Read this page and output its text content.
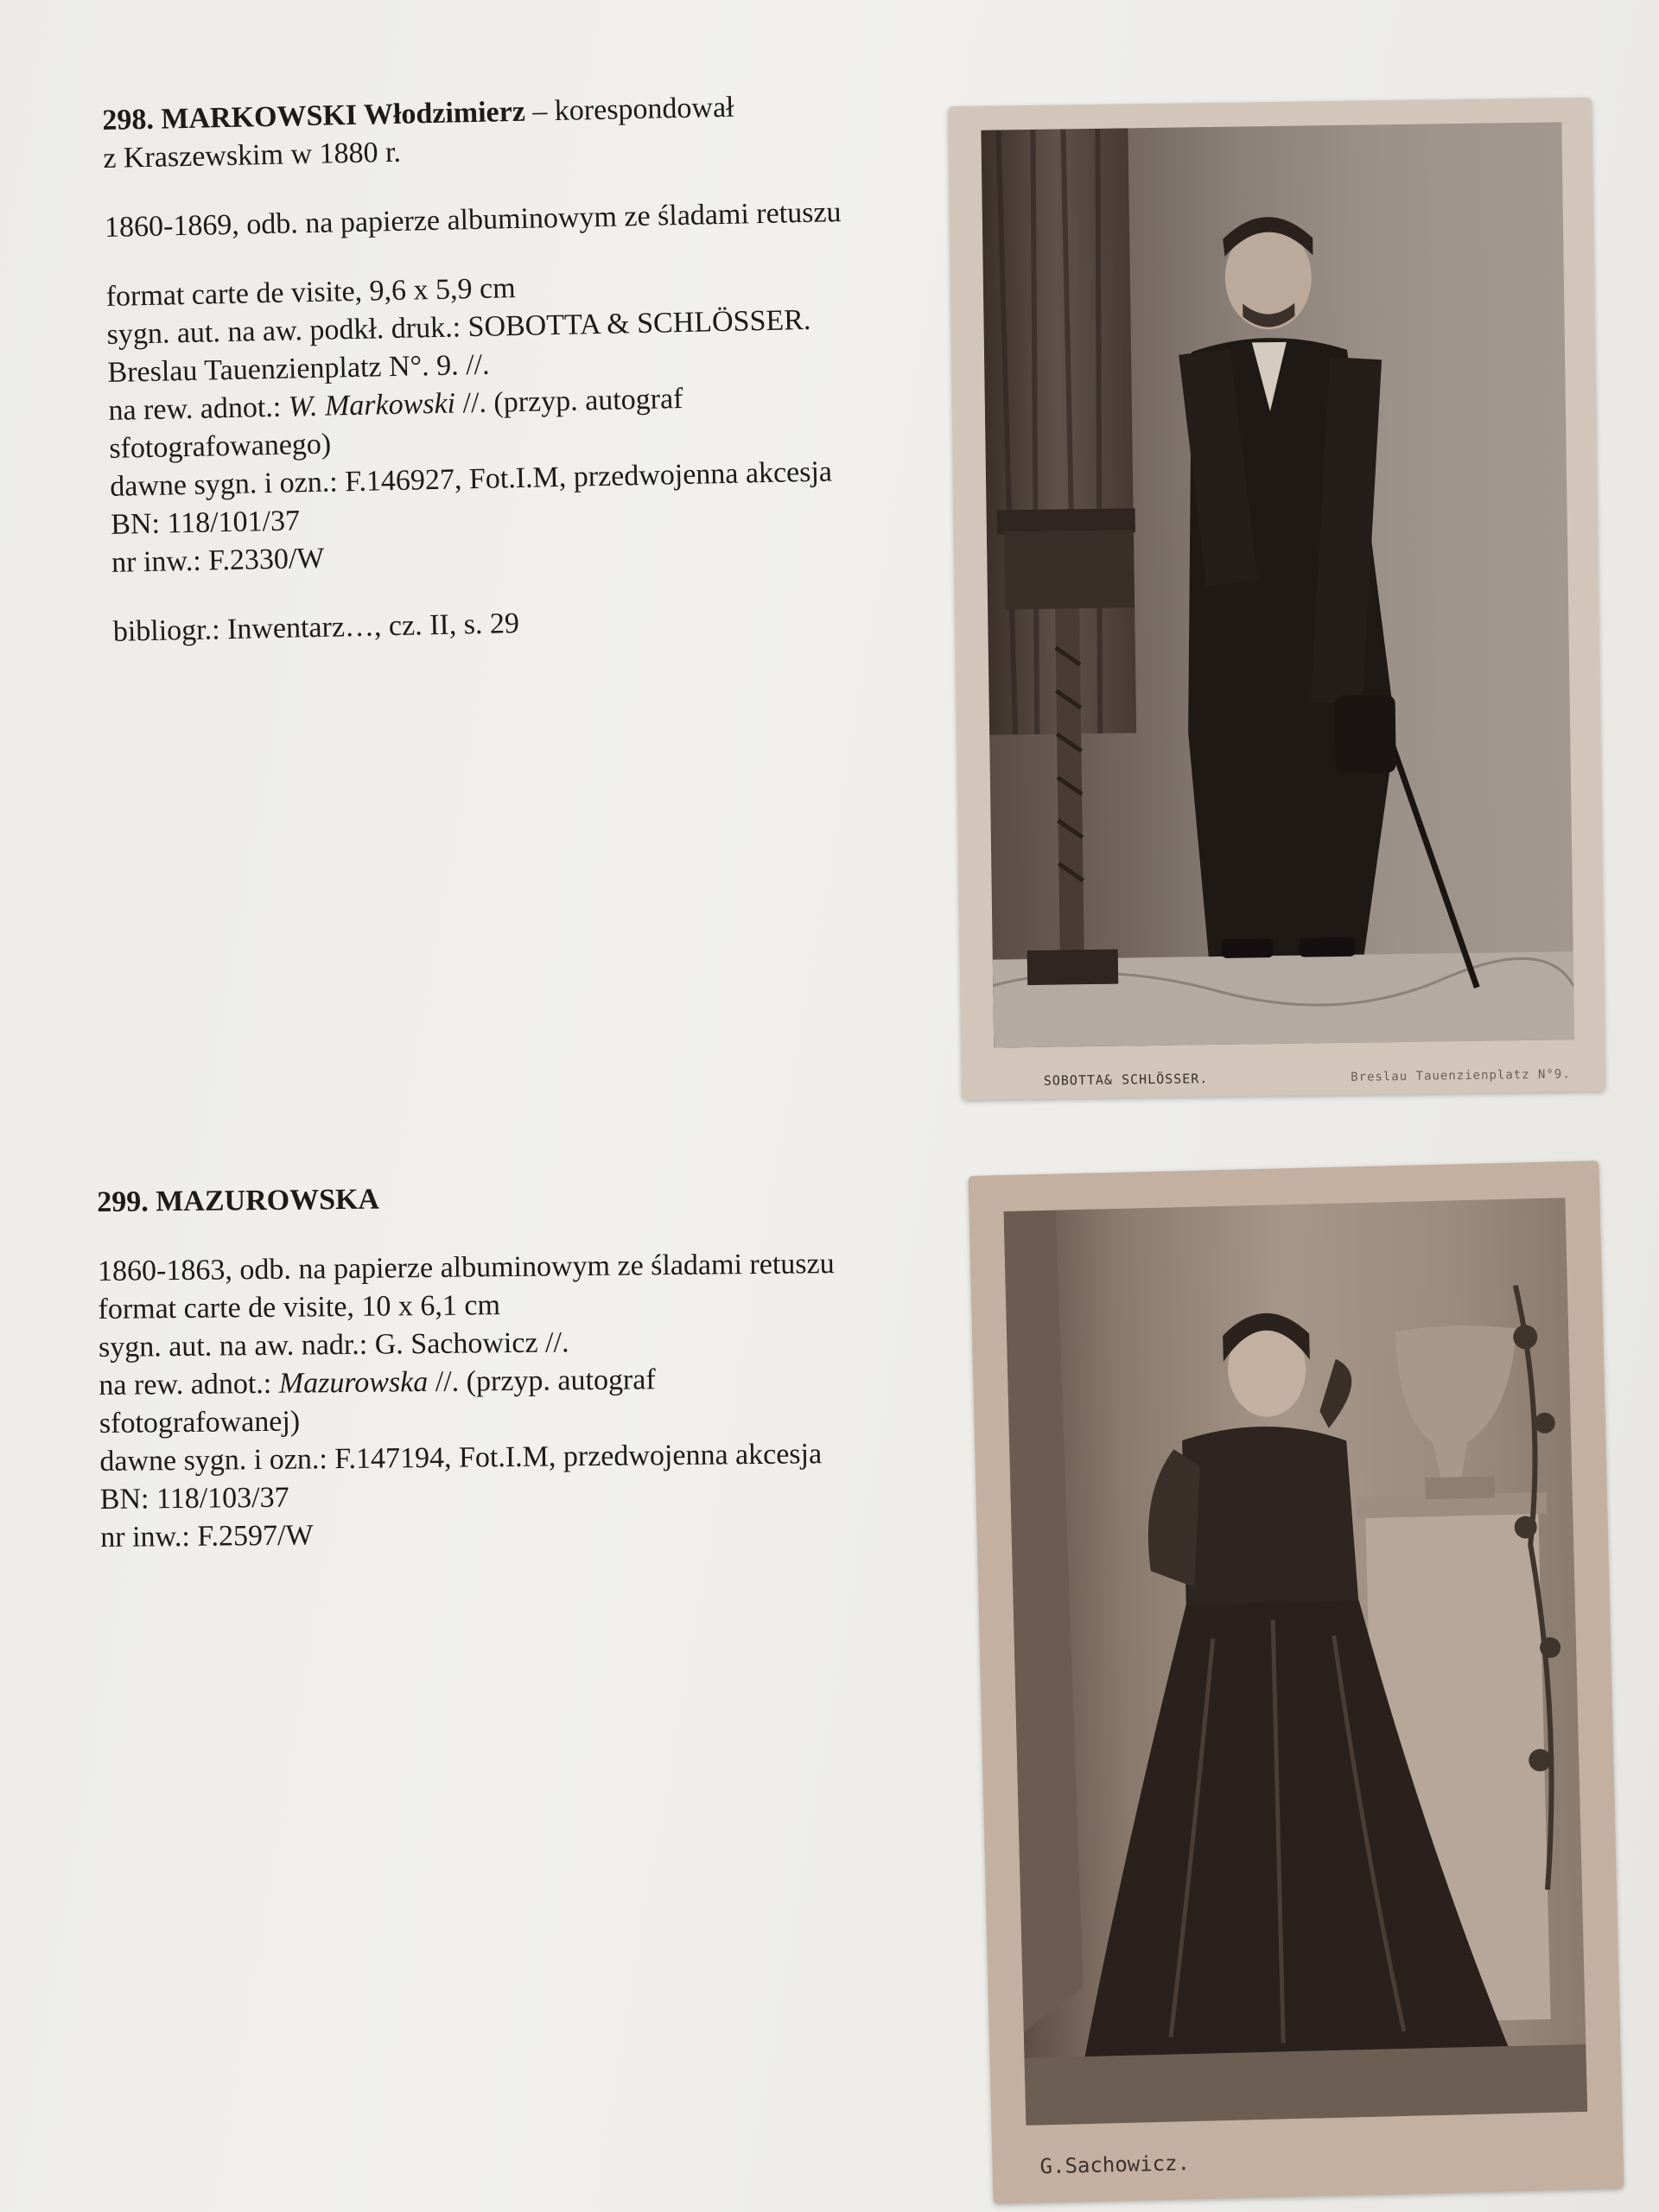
298. MARKOWSKI Włodzimierz – korespondował

z Kraszewskim w 1880 r.

1860-1869, odb. na papierze albuminowym ze śladami retuszu

format carte de visite, 9,6 x 5,9 cm

sygn. aut. na aw. podkł. druk.: SOBOTTA & SCHLÖSSER.

Breslau Tauenzienplatz N°. 9. //.

na rew. adnot.: W. Markowski //. (przyp. autograf

sfotografowanego)

dawne sygn. i ozn.: F.146927, Fot.I.M, przedwojenna akcesja

BN: 118/101/37

nr inw.: F.2330/W

bibliogr.: Inwentarz…, cz. II, s. 29

299. MAZUROWSKA

1860-1863, odb. na papierze albuminowym ze śladami retuszu

format carte de visite, 10 x 6,1 cm

sygn. aut. na aw. nadr.: G. Sachowicz //.

na rew. adnot.: Mazurowska //. (przyp. autograf

sfotografowanej)

dawne sygn. i ozn.: F.147194, Fot.I.M, przedwojenna akcesja

BN: 118/103/37

nr inw.: F.2597/W

SOBOTTA& SCHLÖSSER.	Breslau Tauenzienplatz N°9.
G.Sachowicz.
